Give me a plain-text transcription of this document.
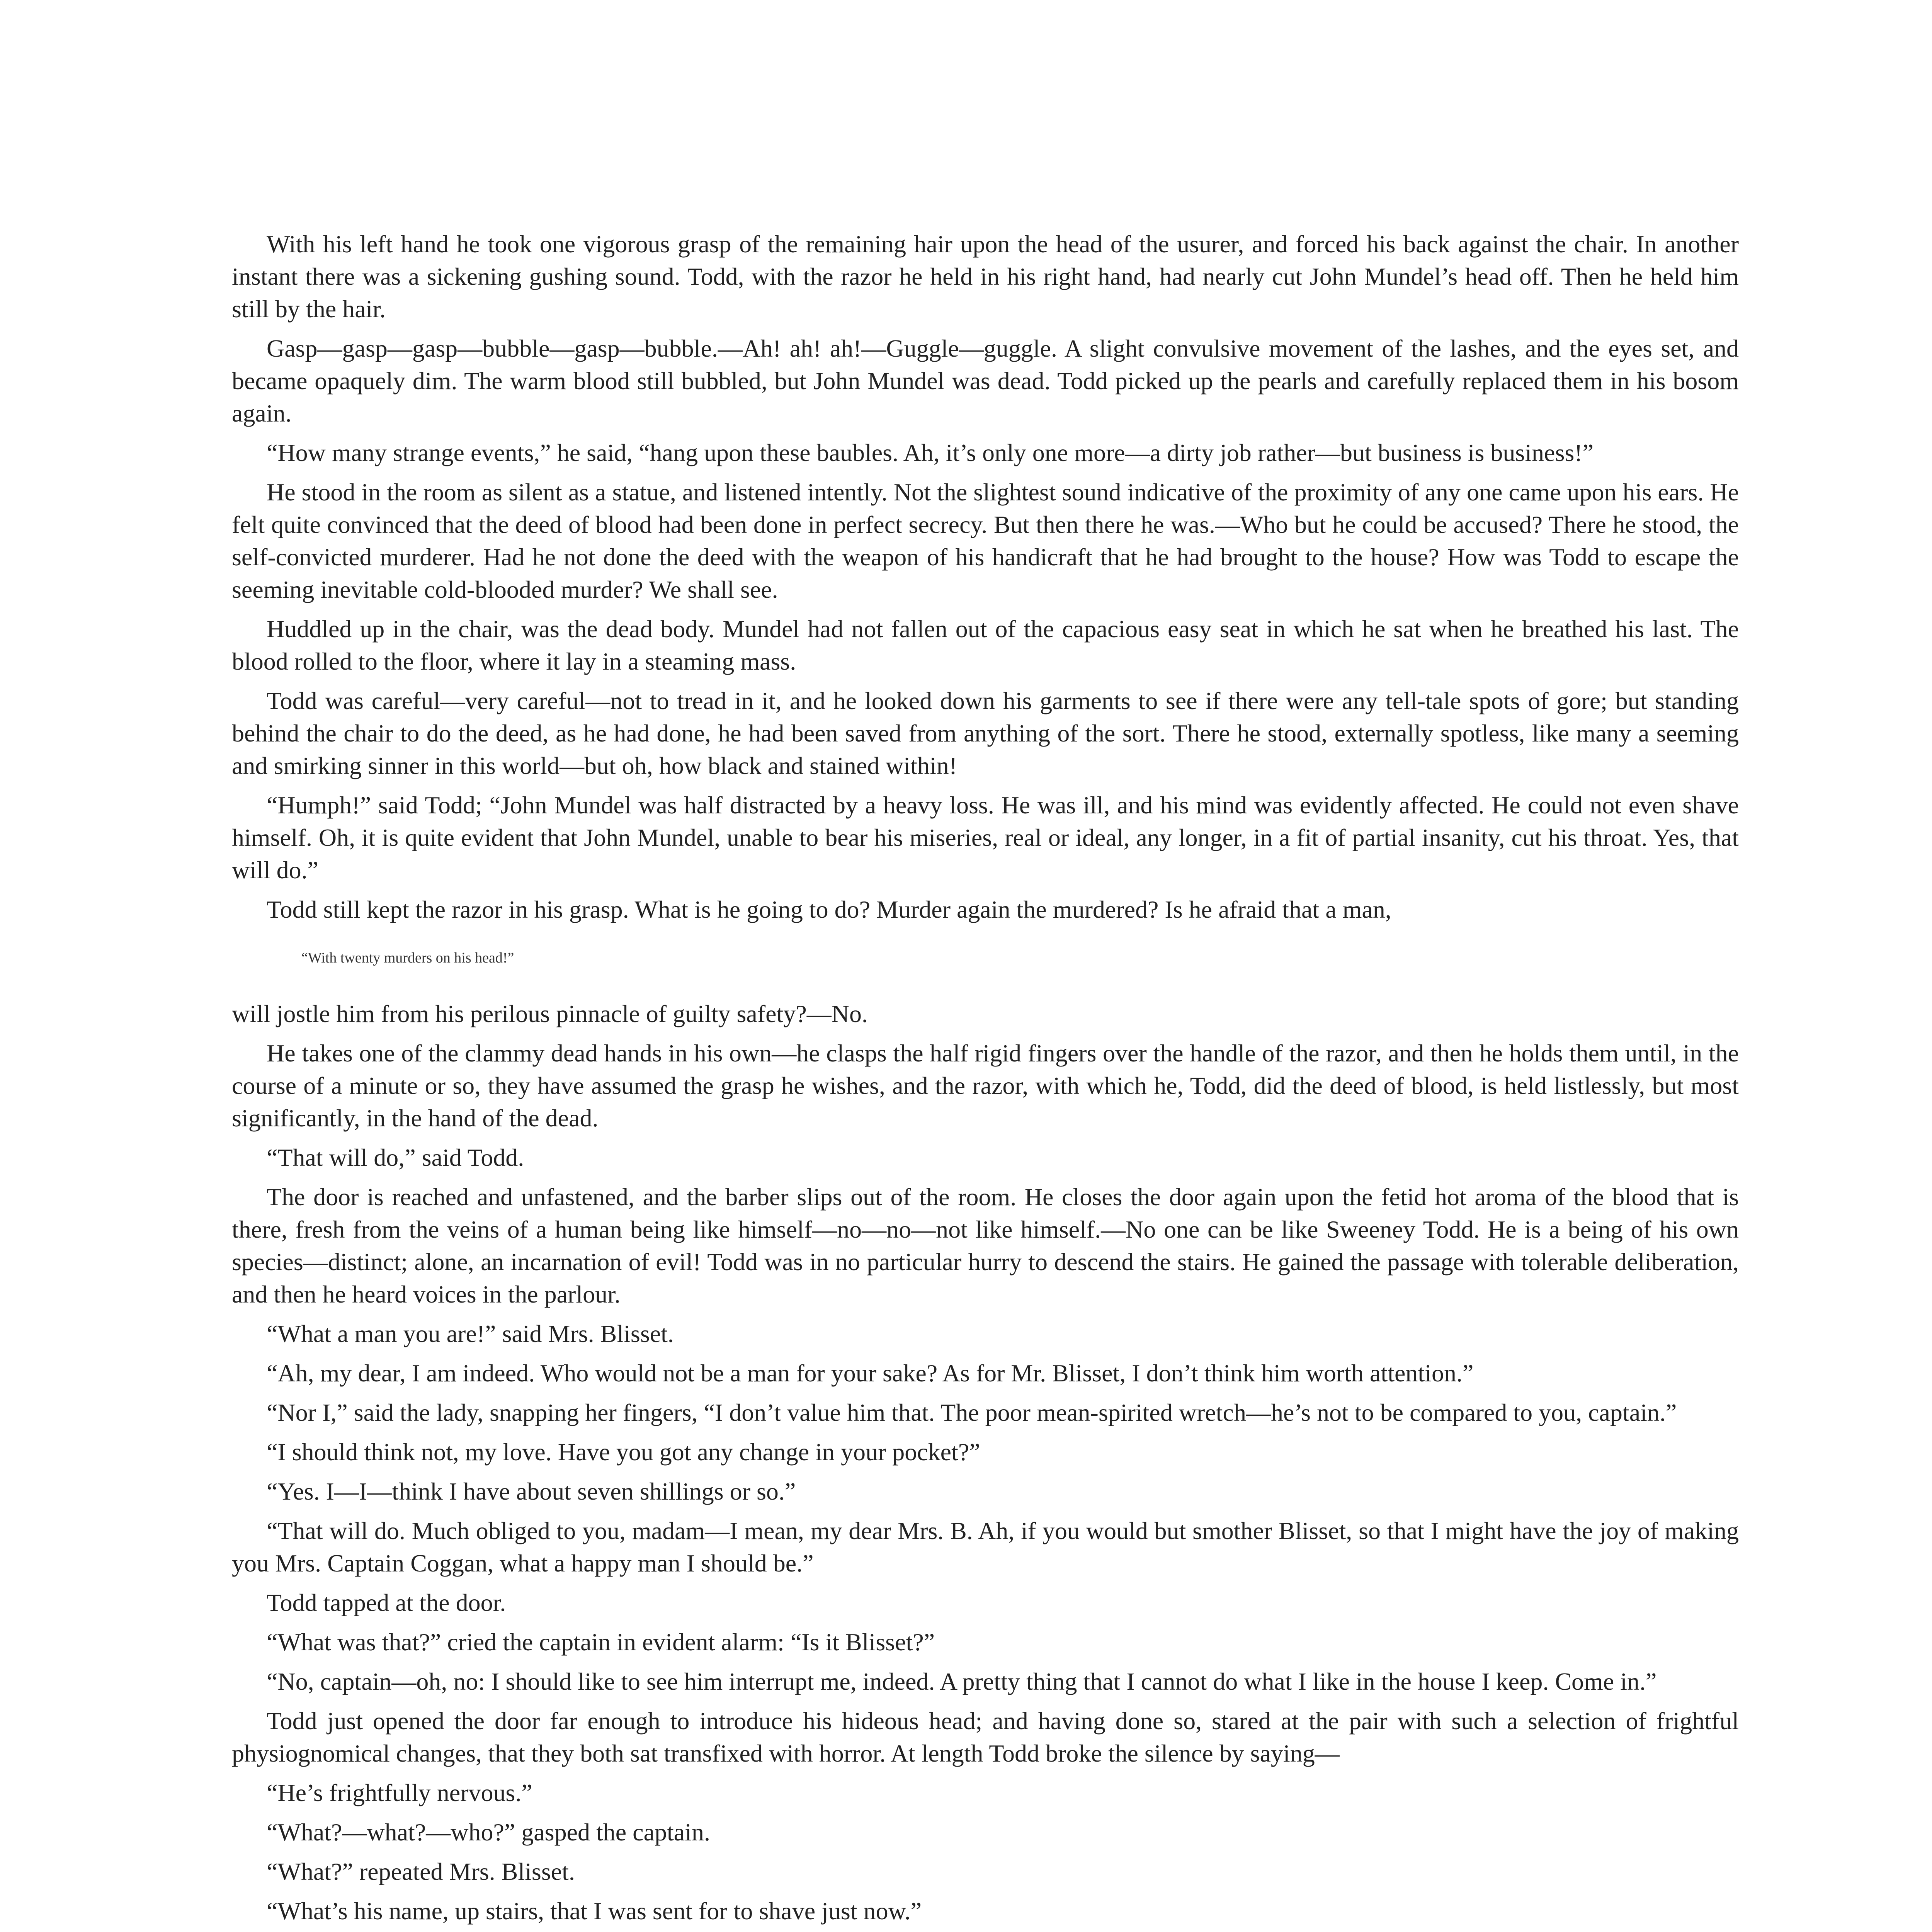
With his left hand he took one vigorous grasp of the remaining hair upon the head of the usurer, and forced his back against the chair. In another instant there was a sickening gushing sound. Todd, with the razor he held in his right hand, had nearly cut John Mundel’s head off. Then he held him still by the hair.

Gasp—gasp—gasp—bubble—gasp—bubble.—Ah! ah! ah!—Guggle—guggle. A slight convulsive movement of the lashes, and the eyes set, and became opaquely dim. The warm blood still bubbled, but John Mundel was dead. Todd picked up the pearls and carefully replaced them in his bosom again.

“How many strange events,” he said, “hang upon these baubles. Ah, it’s only one more—a dirty job rather—but business is business!”

He stood in the room as silent as a statue, and listened intently. Not the slightest sound indicative of the proximity of any one came upon his ears. He felt quite convinced that the deed of blood had been done in perfect secrecy. But then there he was.—Who but he could be accused? There he stood, the self-convicted murderer. Had he not done the deed with the weapon of his handicraft that he had brought to the house? How was Todd to escape the seeming inevitable cold-blooded murder? We shall see.

Huddled up in the chair, was the dead body. Mundel had not fallen out of the capacious easy seat in which he sat when he breathed his last. The blood rolled to the floor, where it lay in a steaming mass.

Todd was careful—very careful—not to tread in it, and he looked down his garments to see if there were any tell-tale spots of gore; but standing behind the chair to do the deed, as he had done, he had been saved from anything of the sort. There he stood, externally spotless, like many a seeming and smirking sinner in this world—but oh, how black and stained within!

“Humph!” said Todd; “John Mundel was half distracted by a heavy loss. He was ill, and his mind was evidently affected. He could not even shave himself. Oh, it is quite evident that John Mundel, unable to bear his miseries, real or ideal, any longer, in a fit of partial insanity, cut his throat. Yes, that will do.”

Todd still kept the razor in his grasp. What is he going to do? Murder again the murdered? Is he afraid that a man,

“With twenty murders on his head!”

will jostle him from his perilous pinnacle of guilty safety?—No.

He takes one of the clammy dead hands in his own—he clasps the half rigid fingers over the handle of the razor, and then he holds them until, in the course of a minute or so, they have assumed the grasp he wishes, and the razor, with which he, Todd, did the deed of blood, is held listlessly, but most significantly, in the hand of the dead.

“That will do,” said Todd.

The door is reached and unfastened, and the barber slips out of the room. He closes the door again upon the fetid hot aroma of the blood that is there, fresh from the veins of a human being like himself—no—no—not like himself.—No one can be like Sweeney Todd. He is a being of his own species—distinct; alone, an incarnation of evil! Todd was in no particular hurry to descend the stairs. He gained the passage with tolerable deliberation, and then he heard voices in the parlour.

“What a man you are!” said Mrs. Blisset.

“Ah, my dear, I am indeed. Who would not be a man for your sake? As for Mr. Blisset, I don’t think him worth attention.”

“Nor I,” said the lady, snapping her fingers, “I don’t value him that. The poor mean-spirited wretch—he’s not to be compared to you, captain.”

“I should think not, my love. Have you got any change in your pocket?”

“Yes. I—I—think I have about seven shillings or so.”

“That will do. Much obliged to you, madam—I mean, my dear Mrs. B. Ah, if you would but smother Blisset, so that I might have the joy of making you Mrs. Captain Coggan, what a happy man I should be.”

Todd tapped at the door.

“What was that?” cried the captain in evident alarm: “Is it Blisset?”

“No, captain—oh, no: I should like to see him interrupt me, indeed. A pretty thing that I cannot do what I like in the house I keep. Come in.”

Todd just opened the door far enough to introduce his hideous head; and having done so, stared at the pair with such a selection of frightful physiognomical changes, that they both sat transfixed with horror. At length Todd broke the silence by saying—

“He’s frightfully nervous.”

“What?—what?—who?” gasped the captain.

“What?” repeated Mrs. Blisset.

“What’s his name, up stairs, that I was sent for to shave just now.”
